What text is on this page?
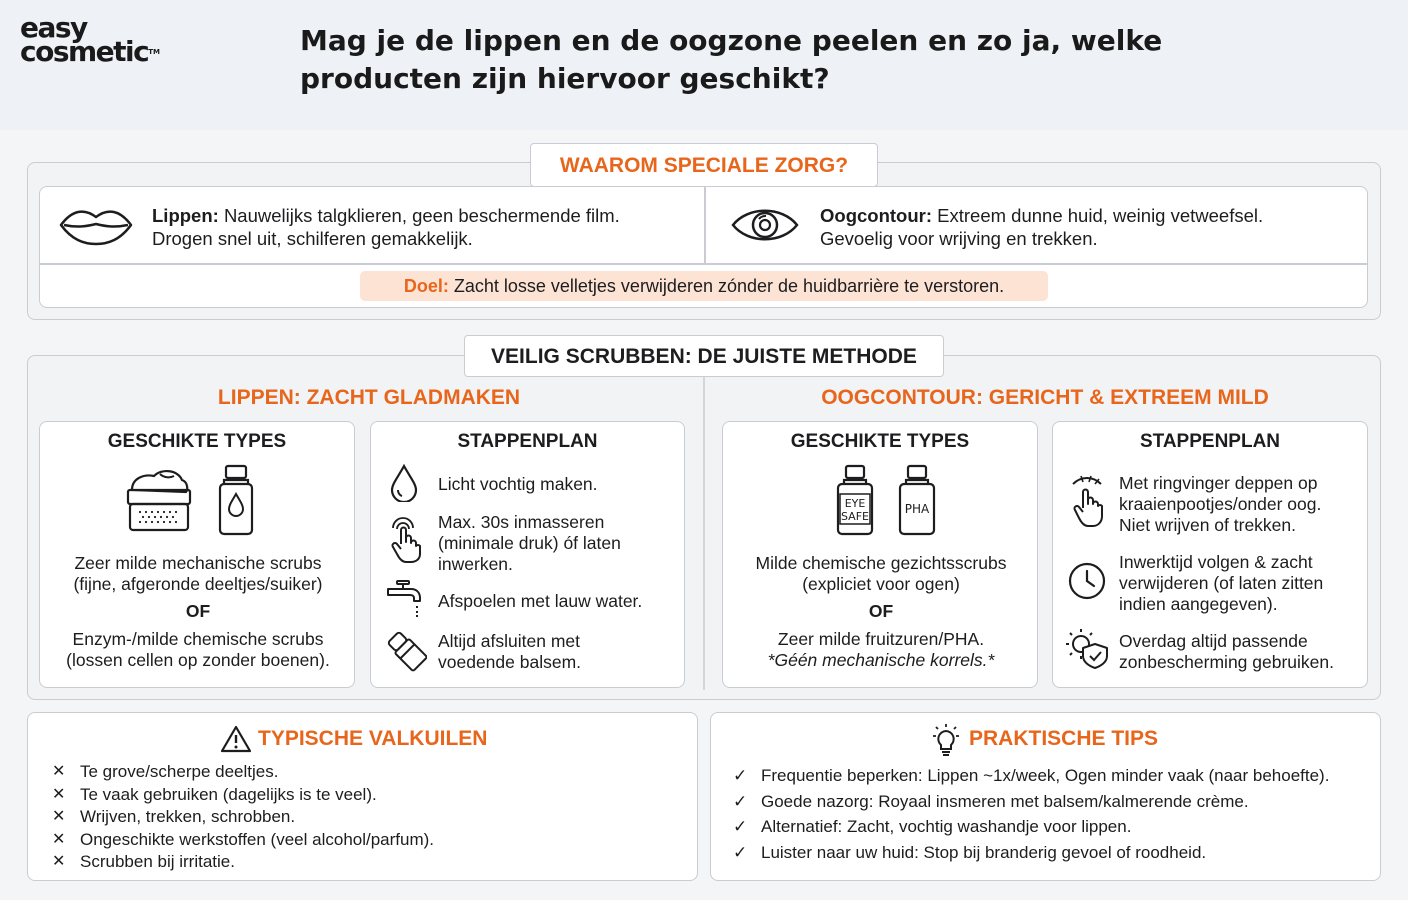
easy
cosmetic™	Mag je de lippen en de oogzone peelen en zo ja, welke producten zijn hiervoor geschikt?
WAAROM SPECIALE ZORG?
Lippen: Nauwelijks talgklieren, geen beschermende film.
Drogen snel uit, schilferen gemakkelijk.
Oogcontour: Extreem dunne huid, weinig vetweefsel.
Gevoelig voor wrijving en trekken.
Doel: Zacht losse velletjes verwijderen zónder de huidbarrière te verstoren.
VEILIG SCRUBBEN: DE JUISTE METHODE
LIPPEN: ZACHT GLADMAKEN
GESCHIKTE TYPES
Zeer milde mechanische scrubs
(fijne, afgeronde deeltjes/suiker)
OF
Enzym-/milde chemische scrubs
(lossen cellen op zonder boenen).
STAPPENPLAN
Licht vochtig maken.
Max. 30s inmasseren
(minimale druk) óf laten
inwerken.
Afspoelen met lauw water.
Altijd afsluiten met
voedende balsem.
OOGCONTOUR: GERICHT & EXTREEM MILD
GESCHIKTE TYPES
EYE
SAFE
PHA
Milde chemische gezichtsscrubs
(expliciet voor ogen)
OF
Zeer milde fruitzuren/PHA.
*Géén mechanische korrels.*
STAPPENPLAN
Met ringvinger deppen op
kraaienpootjes/onder oog.
Niet wrijven of trekken.
Inwerktijd volgen & zacht
verwijderen (of laten zitten
indien aangegeven).
Overdag altijd passende
zonbescherming gebruiken.
TYPISCHE VALKUILEN
✕ Te grove/scherpe deeltjes.
✕ Te vaak gebruiken (dagelijks is te veel).
✕ Wrijven, trekken, schrobben.
✕ Ongeschikte werkstoffen (veel alcohol/parfum).
✕ Scrubben bij irritatie.
PRAKTISCHE TIPS
✓ Frequentie beperken: Lippen ~1x/week, Ogen minder vaak (naar behoefte).
✓ Goede nazorg: Royaal insmeren met balsem/kalmerende crème.
✓ Alternatief: Zacht, vochtig washandje voor lippen.
✓ Luister naar uw huid: Stop bij branderig gevoel of roodheid.
